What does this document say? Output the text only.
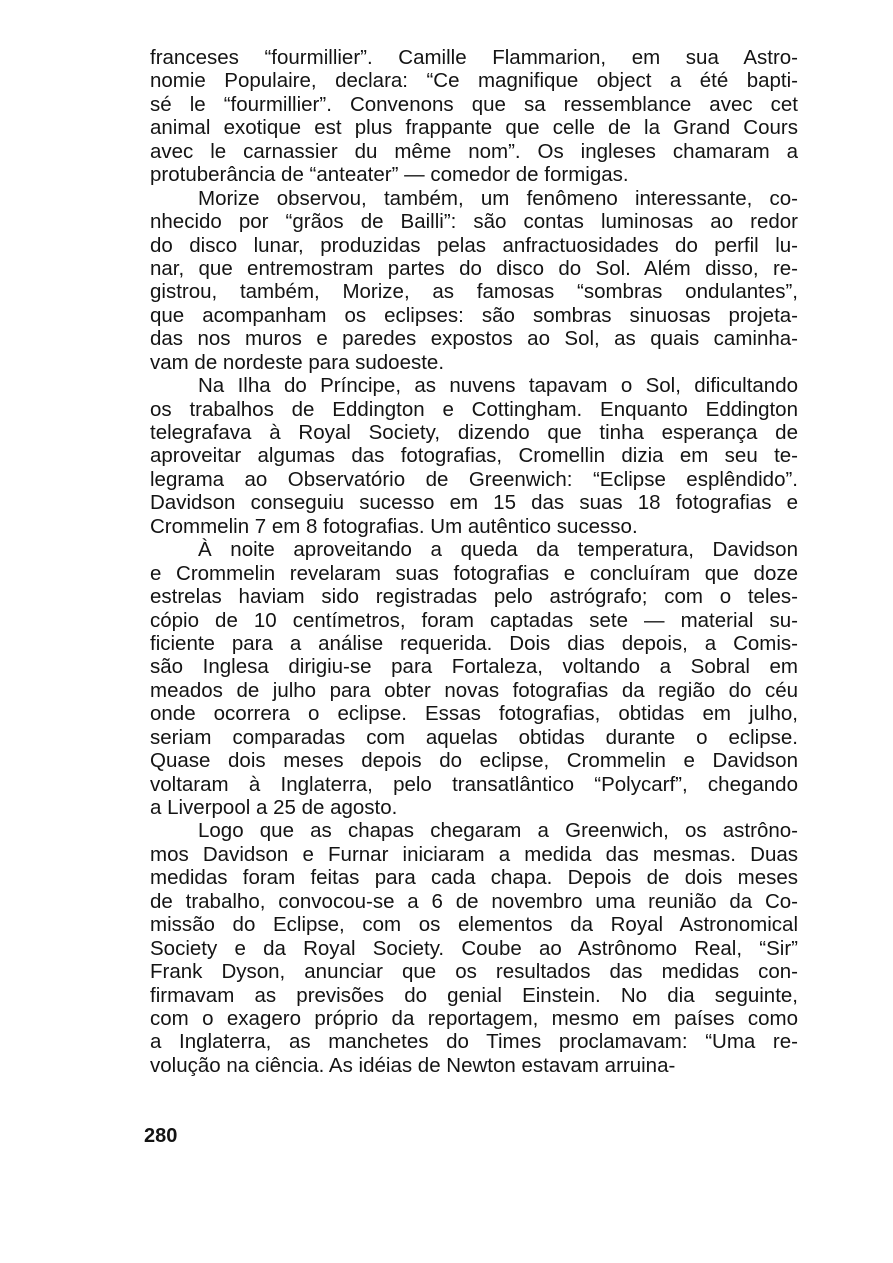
franceses “fourmillier”. Camille Flammarion, em sua Astro-
nomie Populaire, declara: “Ce magnifique object a été bapti-
sé le “fourmillier”. Convenons que sa ressemblance avec cet
animal exotique est plus frappante que celle de la Grand Cours
avec le carnassier du même nom”. Os ingleses chamaram a
protuberância de “anteater” — comedor de formigas.
Morize observou, também, um fenômeno interessante, co-
nhecido por “grãos de Bailli”: são contas luminosas ao redor
do disco lunar, produzidas pelas anfractuosidades do perfil lu-
nar, que entremostram partes do disco do Sol. Além disso, re-
gistrou, também, Morize, as famosas “sombras ondulantes”,
que acompanham os eclipses: são sombras sinuosas projeta-
das nos muros e paredes expostos ao Sol, as quais caminha-
vam de nordeste para sudoeste.
Na Ilha do Príncipe, as nuvens tapavam o Sol, dificultando
os trabalhos de Eddington e Cottingham. Enquanto Eddington
telegrafava à Royal Society, dizendo que tinha esperança de
aproveitar algumas das fotografias, Cromellin dizia em seu te-
legrama ao Observatório de Greenwich: “Eclipse esplêndido”.
Davidson conseguiu sucesso em 15 das suas 18 fotografias e
Crommelin 7 em 8 fotografias. Um autêntico sucesso.
À noite aproveitando a queda da temperatura, Davidson
e Crommelin revelaram suas fotografias e concluíram que doze
estrelas haviam sido registradas pelo astrógrafo; com o teles-
cópio de 10 centímetros, foram captadas sete — material su-
ficiente para a análise requerida. Dois dias depois, a Comis-
são Inglesa dirigiu-se para Fortaleza, voltando a Sobral em
meados de julho para obter novas fotografias da região do céu
onde ocorrera o eclipse. Essas fotografias, obtidas em julho,
seriam comparadas com aquelas obtidas durante o eclipse.
Quase dois meses depois do eclipse, Crommelin e Davidson
voltaram à Inglaterra, pelo transatlântico “Polycarf”, chegando
a Liverpool a 25 de agosto.
Logo que as chapas chegaram a Greenwich, os astrôno-
mos Davidson e Furnar iniciaram a medida das mesmas. Duas
medidas foram feitas para cada chapa. Depois de dois meses
de trabalho, convocou-se a 6 de novembro uma reunião da Co-
missão do Eclipse, com os elementos da Royal Astronomical
Society e da Royal Society. Coube ao Astrônomo Real, “Sir”
Frank Dyson, anunciar que os resultados das medidas con-
firmavam as previsões do genial Einstein. No dia seguinte,
com o exagero próprio da reportagem, mesmo em países como
a Inglaterra, as manchetes do Times proclamavam: “Uma re-
volução na ciência. As idéias de Newton estavam arruina-
280
